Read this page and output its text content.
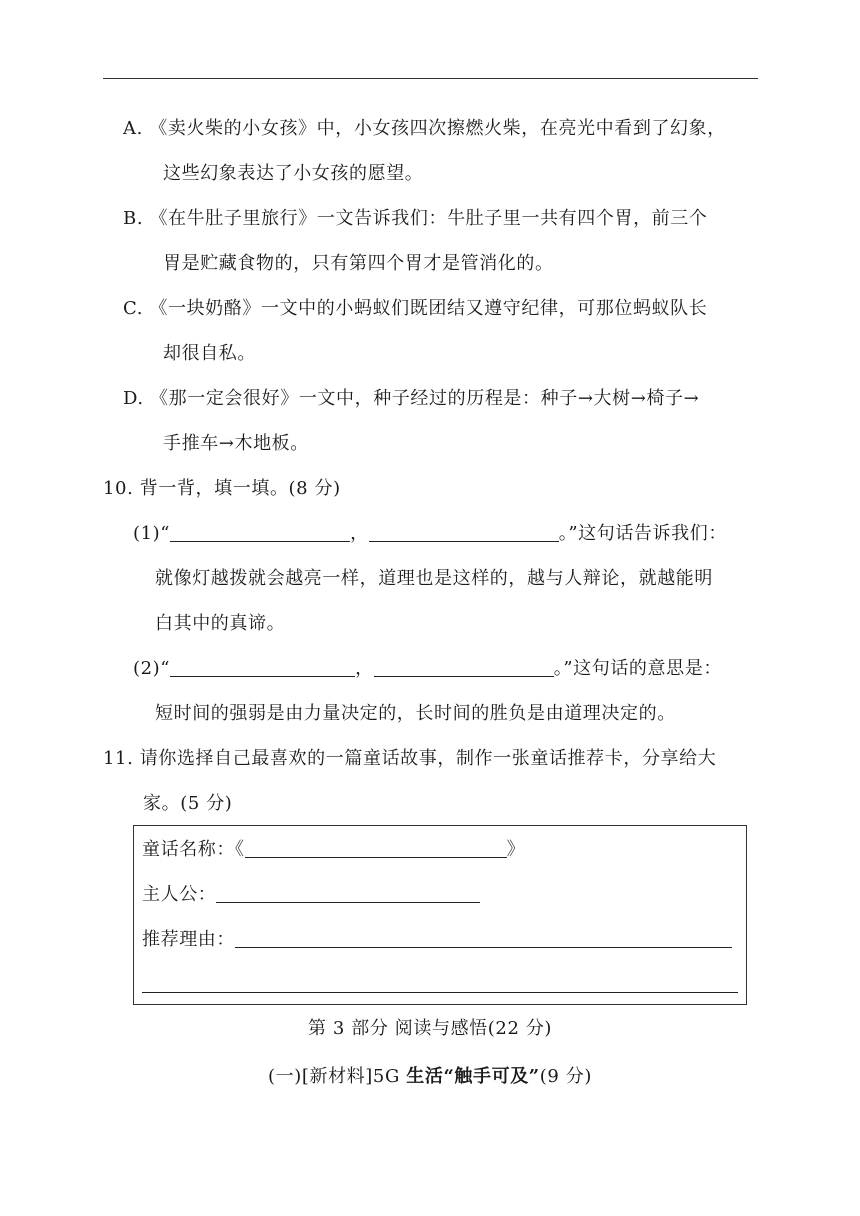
A. 《卖火柴的小女孩》中，小女孩四次擦燃火柴，在亮光中看到了幻象，
这些幻象表达了小女孩的愿望。
B. 《在牛肚子里旅行》一文告诉我们：牛肚子里一共有四个胃，前三个
胃是贮藏食物的，只有第四个胃才是管消化的。
C. 《一块奶酪》一文中的小蚂蚁们既团结又遵守纪律，可那位蚂蚁队长
却很自私。
D. 《那一定会很好》一文中，种子经过的历程是：种子→大树→椅子→
手推车→木地板。
10. 背一背，填一填。(8 分)
(1)“	，	。”这句话告诉我们：
就像灯越拨就会越亮一样，道理也是这样的，越与人辩论，就越能明
白其中的真谛。
(2)“	，	。”这句话的意思是：
短时间的强弱是由力量决定的，长时间的胜负是由道理决定的。
11. 请你选择自己最喜欢的一篇童话故事，制作一张童话推荐卡，分享给大
家。(5 分)
童话名称：《	》
主人公：
推荐理由：
第 3 部分 阅读与感悟(22 分)
(一)[新材料]5G 生活“触手可及”(9 分)
